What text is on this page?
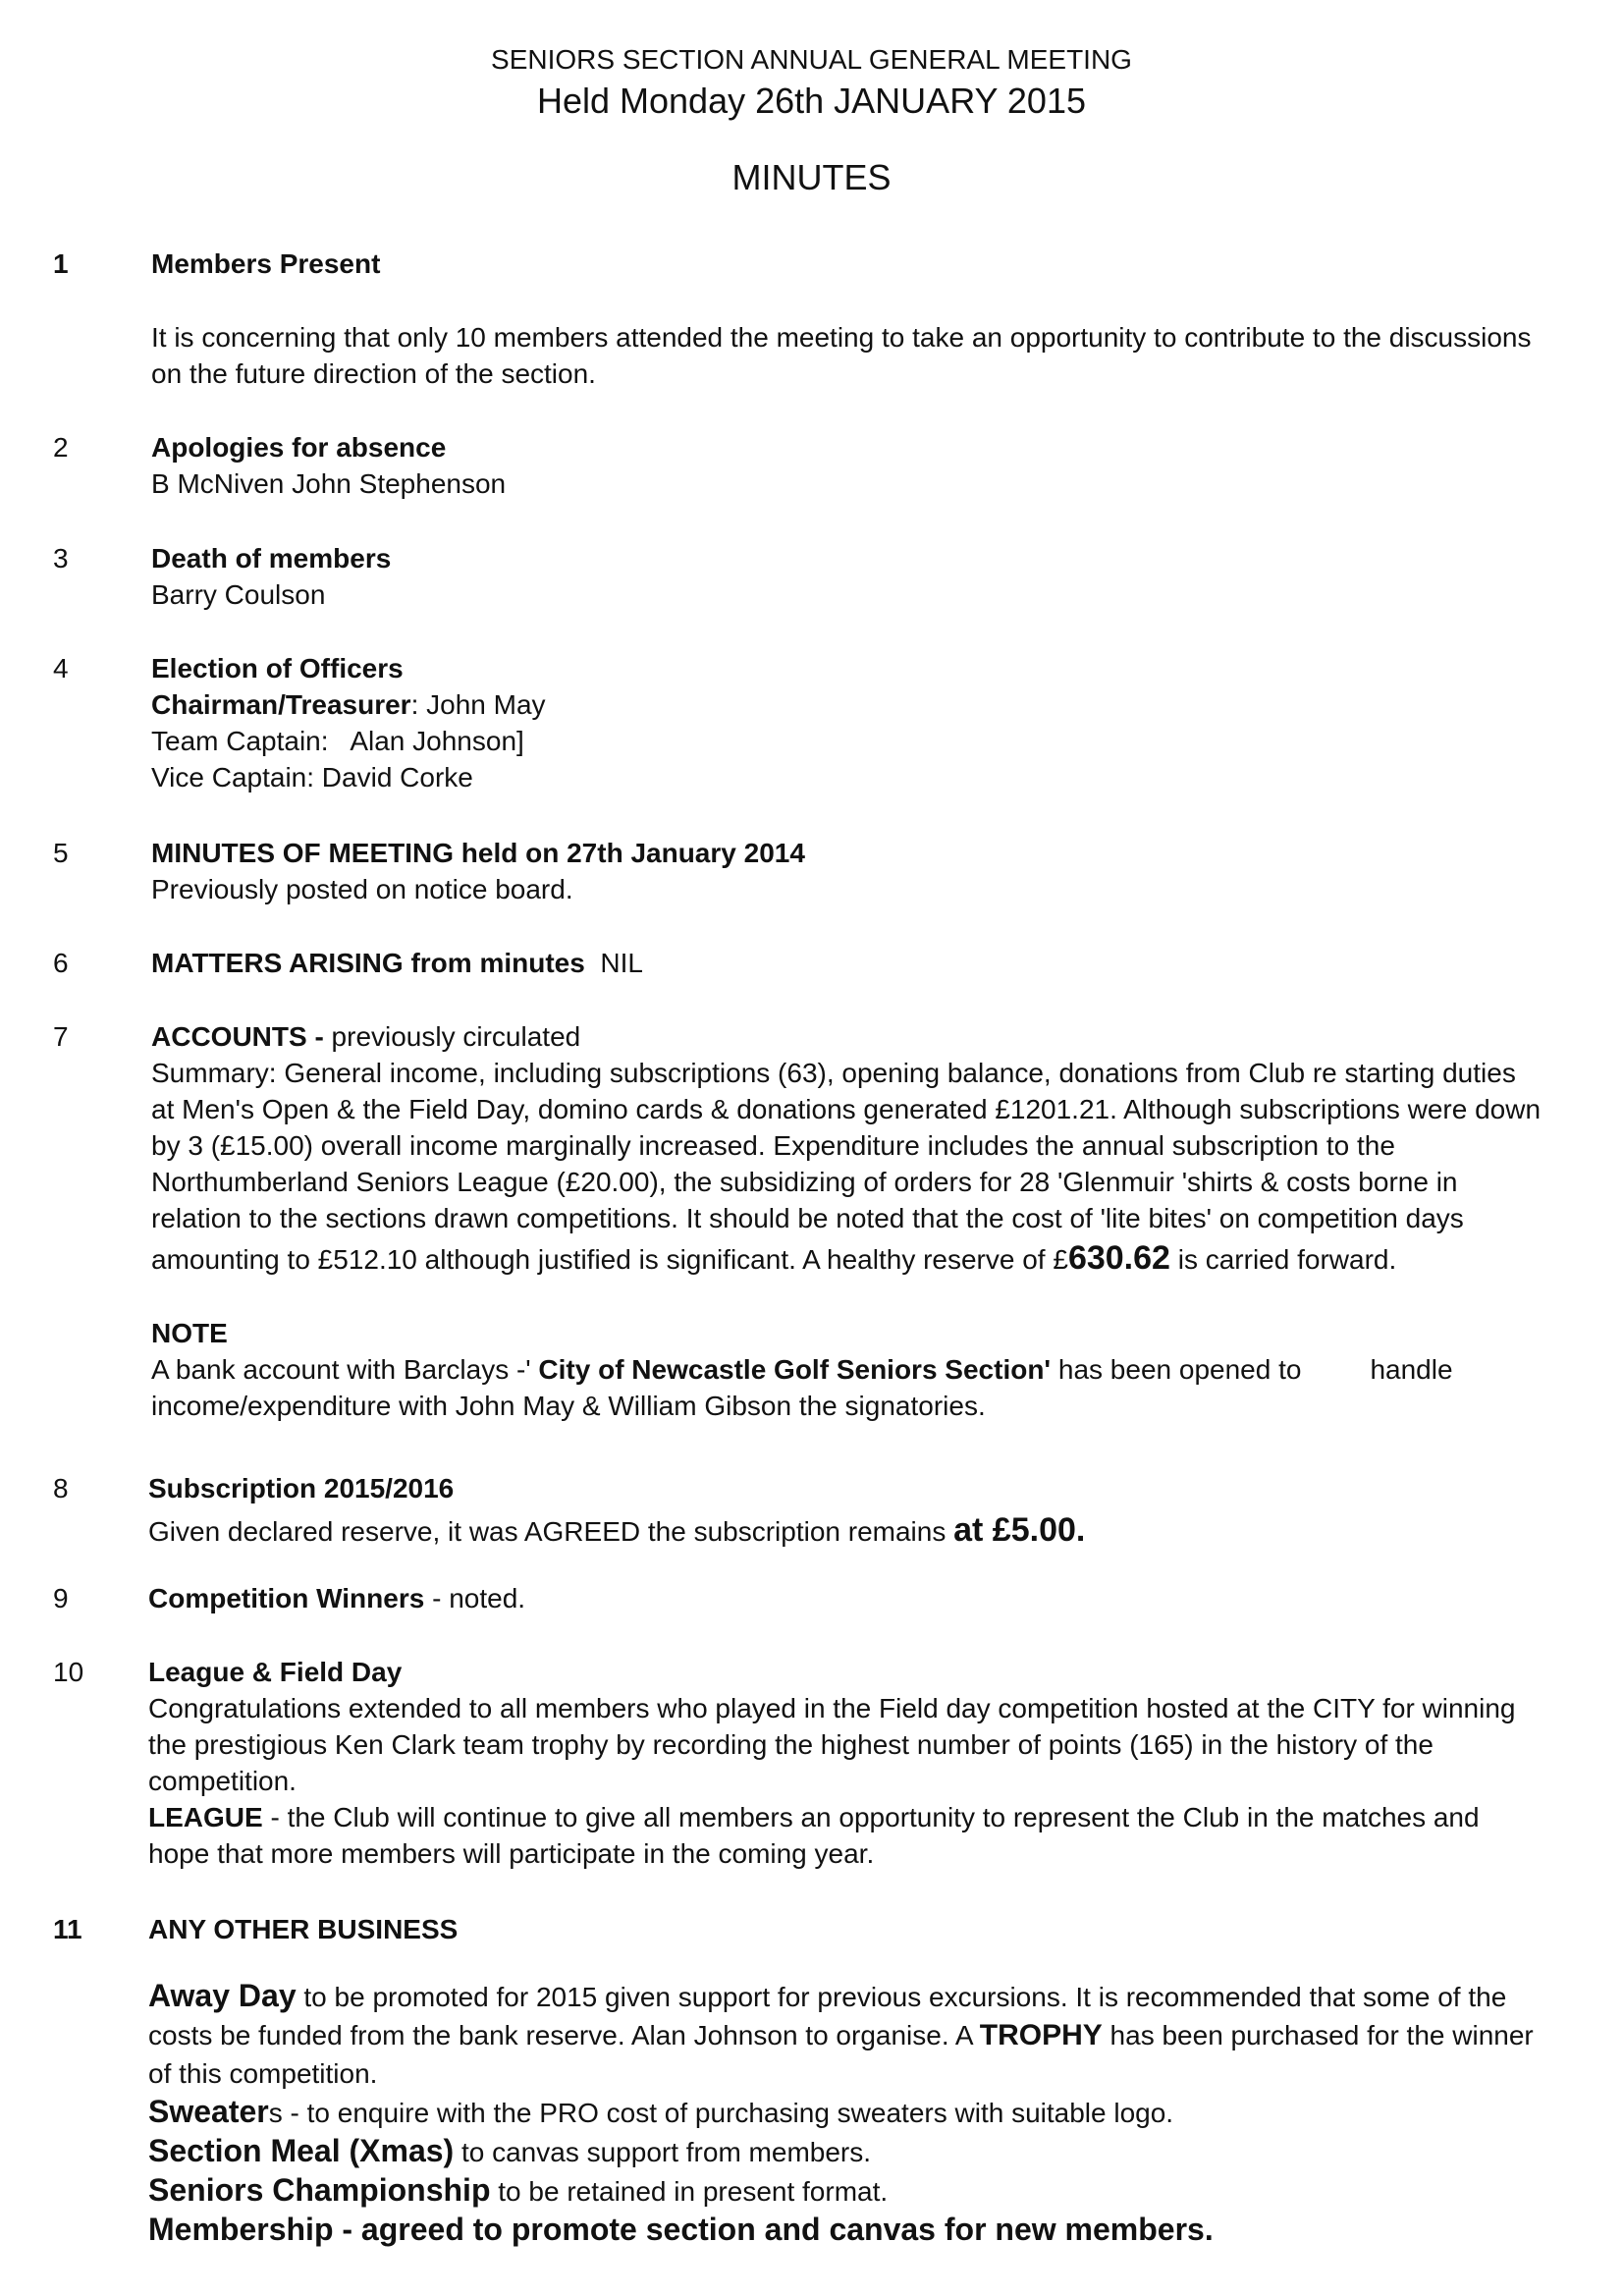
SENIORS SECTION ANNUAL GENERAL MEETING
Held Monday 26th JANUARY 2015
MINUTES
1	Members Present

It is concerning that only 10 members attended the meeting to take an opportunity to contribute to the discussions on the future direction of the section.

2	Apologies for absence

B McNiven John Stephenson

3	Death of members

Barry Coulson

4	Election of Officers

Chairman/Treasurer: John May

Team Captain:   Alan Johnson]

Vice Captain: David Corke

5	MINUTES OF MEETING held on 27th January 2014

Previously posted on notice board.

6	MATTERS ARISING from minutes NIL

7	ACCOUNTS - previously circulated

Summary: General income, including subscriptions (63), opening balance, donations from Club re starting duties at Men's Open & the Field Day, domino cards & donations generated £1201.21. Although subscriptions were down by 3 (£15.00) overall income marginally increased. Expenditure includes the annual subscription to the Northumberland Seniors League (£20.00), the subsidizing of orders for 28 'Glenmuir 'shirts & costs borne in relation to the sections drawn competitions. It should be noted that the cost of 'lite bites' on competition days

amounting to £512.10 although justified is significant. A healthy reserve of £630.62 is carried forward.

NOTE

A bank account with Barclays -' City of Newcastle Golf Seniors Section' has been opened to	handle

income/expenditure with John May & William Gibson the signatories.

8	Subscription 2015/2016

Given declared reserve, it was AGREED the subscription remains at £5.00.

9	Competition Winners - noted.

10	League & Field Day

Congratulations extended to all members who played in the Field day competition hosted at the CITY for winning the prestigious Ken Clark team trophy by recording the highest number of points (165) in the history of the competition.

LEAGUE - the Club will continue to give all members an opportunity to represent the Club in the matches and hope that more members will participate in the coming year.

11	ANY OTHER BUSINESS

Away Day to be promoted for 2015 given support for previous excursions. It is recommended that some of the costs be funded from the bank reserve. Alan Johnson to organise. A TROPHY has been purchased for the winner of this competition.

Sweaters - to enquire with the PRO cost of purchasing sweaters with suitable logo.

Section Meal (Xmas) to canvas support from members.

Seniors Championship to be retained in present format.

Membership - agreed to promote section and canvas for new members.
